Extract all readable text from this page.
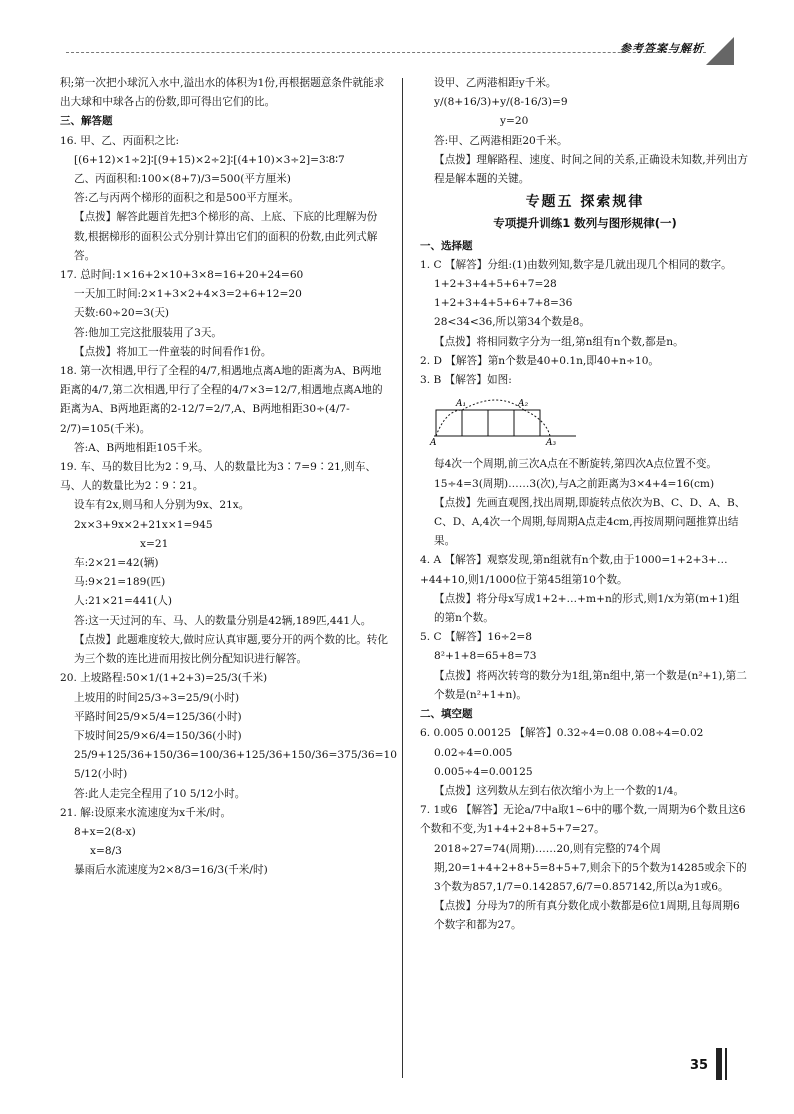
参考答案与解析

积;第一次把小球沉入水中,溢出水的体积为1份,再根据题意条件就能求出大球和中球各占的份数,即可得出它们的比。

三、解答题

16. 甲、乙、丙面积之比:

[(6+12)×1÷2]∶[(9+15)×2÷2]∶[(4+10)×3÷2]=3∶8∶7

乙、丙面积和:100×(8+7)/3=500(平方厘米)

答:乙与丙两个梯形的面积之和是500平方厘米。

【点拨】解答此题首先把3个梯形的高、上底、下底的比理解为份数,根据梯形的面积公式分别计算出它们的面积的份数,由此列式解答。

17. 总时间:1×16+2×10+3×8=16+20+24=60

一天加工时间:2×1+3×2+4×3=2+6+12=20

天数:60÷20=3(天)

答:他加工完这批服装用了3天。

【点拨】将加工一件童装的时间看作1份。

18. 第一次相遇,甲行了全程的4/7,相遇地点离A地的距离为A、B两地距离的4/7,第二次相遇,甲行了全程的4/7×3=12/7,相遇地点离A地的距离为A、B两地距离的2-12/7=2/7,A、B两地相距30÷(4/7-2/7)=105(千米)。

答:A、B两地相距105千米。

19. 车、马的数目比为2∶9,马、人的数量比为3∶7=9∶21,则车、马、人的数量比为2∶9∶21。

设车有2x,则马和人分别为9x、21x。

2x×3+9x×2+21x×1=945

x=21

车:2×21=42(辆)

马:9×21=189(匹)

人:21×21=441(人)

答:这一天过河的车、马、人的数量分别是42辆,189匹,441人。

【点拨】此题难度较大,做时应认真审题,要分开的两个数的比。转化为三个数的连比进而用按比例分配知识进行解答。

20. 上坡路程:50×1/(1+2+3)=25/3(千米)

上坡用的时间25/3÷3=25/9(小时)

平路时间25/9×5/4=125/36(小时)

下坡时间25/9×6/4=150/36(小时)

25/9+125/36+150/36=100/36+125/36+150/36=375/36=10 5/12(小时)

答:此人走完全程用了10 5/12小时。

21. 解:设原来水流速度为x千米/时。

8+x=2(8-x)

x=8/3

暴雨后水流速度为2×8/3=16/3(千米/时)

设甲、乙两港相距y千米。

y/(8+16/3)+y/(8-16/3)=9

y=20

答:甲、乙两港相距20千米。

【点拨】理解路程、速度、时间之间的关系,正确设未知数,并列出方程是解本题的关键。

专题五 探索规律

专项提升训练1 数列与图形规律(一)

一、选择题

1. C 【解答】分组:(1)由数列知,数字是几就出现几个相同的数字。

1+2+3+4+5+6+7=28

1+2+3+4+5+6+7+8=36

28<34<36,所以第34个数是8。

【点拨】将相同数字分为一组,第n组有n个数,都是n。

2. D 【解答】第n个数是40+0.1n,即40+n÷10。

3. B 【解答】如图:

A
A₁	A₂
A₃

每4次一个周期,前三次A点在不断旋转,第四次A点位置不变。15÷4=3(周期)……3(次),与A之前距离为3×4+4=16(cm)

【点拨】先画直观图,找出周期,即旋转点依次为B、C、D、A、B、C、D、A,4次一个周期,每周期A点走4cm,再按周期问题推算出结果。

4. A 【解答】观察发现,第n组就有n个数,由于1000=1+2+3+…+44+10,则1/1000位于第45组第10个数。

【点拨】将分母x写成1+2+…+m+n的形式,则1/x为第(m+1)组的第n个数。

5. C 【解答】16÷2=8

8²+1+8=65+8=73

【点拨】将两次转弯的数分为1组,第n组中,第一个数是(n²+1),第二个数是(n²+1+n)。

二、填空题

6. 0.005 0.00125 【解答】0.32÷4=0.08 0.08÷4=0.02

0.02÷4=0.005

0.005÷4=0.00125

【点拨】这列数从左到右依次缩小为上一个数的1/4。

7. 1或6 【解答】无论a/7中a取1~6中的哪个数,一周期为6个数且这6个数和不变,为1+4+2+8+5+7=27。

2018÷27=74(周期)……20,则有完整的74个周期,20=1+4+2+8+5=8+5+7,则余下的5个数为14285或余下的3个数为857,1/7=0.142857,6/7=0.857142,所以a为1或6。

【点拨】分母为7的所有真分数化成小数都是6位1周期,且每周期6个数字和都为27。

35
